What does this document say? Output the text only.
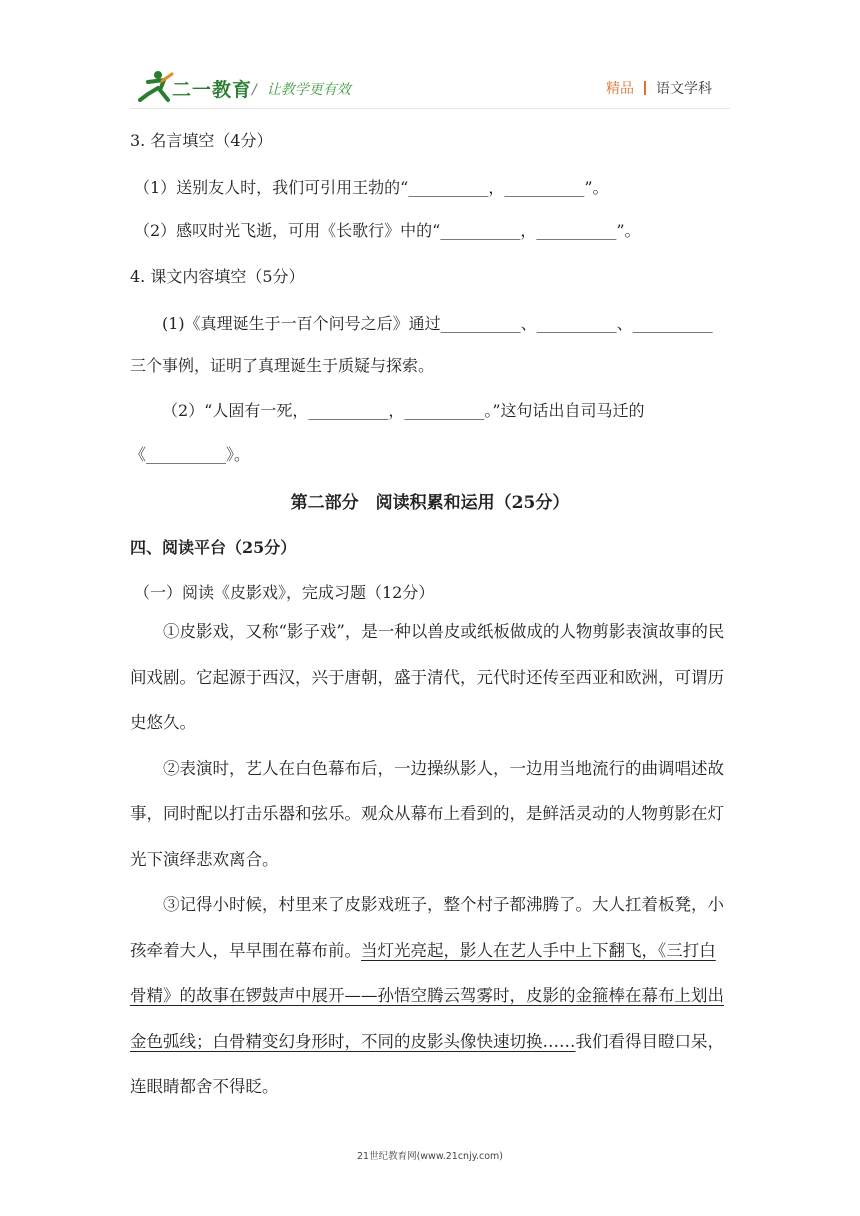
二一教育 / 让教学更有效	精品 语文学科
3. 名言填空（4分）
（1）送别友人时，我们可引用王勃的“__________，__________”。
（2）感叹时光飞逝，可用《长歌行》中的“__________，__________”。
4. 课文内容填空（5分）
(1)《真理诞生于一百个问号之后》通过__________、__________、__________
三个事例，证明了真理诞生于质疑与探索。
（2）“人固有一死，__________，__________。”这句话出自司马迁的
《__________》。
第二部分　阅读积累和运用（25分）
四、阅读平台（25分）
（一）阅读《皮影戏》，完成习题（12分）

①皮影戏，又称“影子戏”，是一种以兽皮或纸板做成的人物剪影表演故事的民间戏剧。它起源于西汉，兴于唐朝，盛于清代，元代时还传至西亚和欧洲，可谓历史悠久。

②表演时，艺人在白色幕布后，一边操纵影人，一边用当地流行的曲调唱述故事，同时配以打击乐器和弦乐。观众从幕布上看到的，是鲜活灵动的人物剪影在灯光下演绎悲欢离合。

③记得小时候，村里来了皮影戏班子，整个村子都沸腾了。大人扛着板凳，小孩牵着大人，早早围在幕布前。当灯光亮起，影人在艺人手中上下翻飞，《三打白骨精》的故事在锣鼓声中展开——孙悟空腾云驾雾时，皮影的金箍棒在幕布上划出金色弧线；白骨精变幻身形时，不同的皮影头像快速切换……我们看得目瞪口呆，连眼睛都舍不得眨。

21世纪教育网(www.21cnjy.com)
